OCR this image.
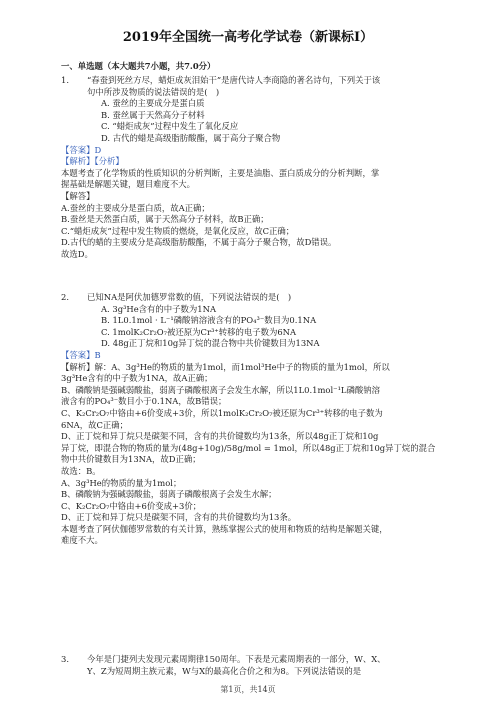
2019年全国统一高考化学试卷（新课标Ⅰ）
一、单选题（本大题共7小题，共7.0分）
1. “春蚕到死丝方尽，蜡炬成灰泪始干”是唐代诗人李商隐的著名诗句，下列关于该
句中所涉及物质的说法错误的是(　)
A. 蚕丝的主要成分是蛋白质
B. 蚕丝属于天然高分子材料
C. “蜡炬成灰”过程中发生了氧化反应
D. 古代的蜡是高级脂肪酸酯，属于高分子聚合物
【答案】D
【解析】【分析】
本题考查了化学物质的性质知识的分析判断，主要是油脂、蛋白质成分的分析判断，掌
握基础是解题关键，题目难度不大。
【解答】
A.蚕丝的主要成分是蛋白质，故A正确；
B.蚕丝是天然蛋白质，属于天然高分子材料，故B正确；
C.“蜡炬成灰”过程中发生物质的燃烧，是氧化反应，故C正确；
D.古代的蜡的主要成分是高级脂肪酸酯，不属于高分子聚合物，故D错误。
故选D。
2. 已知NA是阿伏加德罗常数的值，下列说法错误的是(　)
A. 3g³He含有的中子数为1NA
B. 1L0.1mol · L⁻¹磷酸钠溶液含有的PO₄³⁻数目为0.1NA
C. 1molK₂Cr₂O₇被还原为Cr³⁺转移的电子数为6NA
D. 48g正丁烷和10g异丁烷的混合物中共价键数目为13NA
【答案】B
【解析】解：A、3g³He的物质的量为1mol，而1mol³He中子的物质的量为1mol，所以
3g³He含有的中子数为1NA，故A正确；
B、磷酸钠是强碱弱酸盐，弱离子磷酸根离子会发生水解，所以1L0.1mol⁻¹L磷酸钠溶
液含有的PO₄³⁻数目小于0.1NA，故B错误；
C、K₂Cr₂O₇中铬由+6价变成+3价，所以1molK₂Cr₂O₇被还原为Cr³⁺转移的电子数为
6NA，故C正确；
D、正丁烷和异丁烷只是碳架不同，含有的共价键数均为13条，所以48g正丁烷和10g
异丁烷，即混合物的物质的量为(48g+10g)/58g/mol = 1mol，所以48g正丁烷和10g异丁烷的混合
物中共价键数目为13NA，故D正确；
故选：B。
A、3g³He的物质的量为1mol；
B、磷酸钠为强碱弱酸盐，弱离子磷酸根离子会发生水解；
C、K₂Cr₂O₇中铬由+6价变成+3价；
D、正丁烷和异丁烷只是碳架不同，含有的共价键数均为13条。
本题考查了阿伏伽德罗常数的有关计算，熟练掌握公式的使用和物质的结构是解题关键，
难度不大。
3. 今年是门捷列夫发现元素周期律150周年。下表是元素周期表的一部分，W、X、
Y、Z为短周期主族元素，W与X的最高化合价之和为8。下列说法错误的是
第1页，共14页
